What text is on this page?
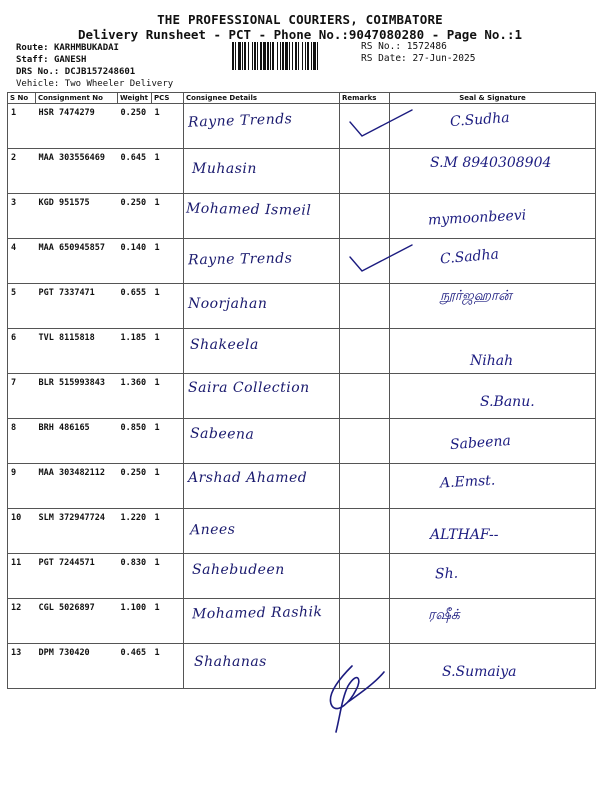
THE PROFESSIONAL COURIERS, COIMBATORE
Delivery Runsheet - PCT - Phone No.:9047080280 - Page No.:1
Route: KARHMBUKADAI
Staff: GANESH
DRS No.: DCJB157248601
Vehicle: Two Wheeler Delivery
RS No.: 1572486
RS Date: 27-Jun-2025
S No	Consignment No	Weight	PCS	Consignee Details	Remarks	Seal & Signature
1	HSR 7474279	0.250	1	Rayne Trends		C.Sudha

2	MAA 303556469	0.645	1	Muhasin		S.M 8940308904

3	KGD 951575	0.250	1	Mohamed Ismeil		mymoonbeevi

4	MAA 650945857	0.140	1	Rayne Trends		C.Sadha

5	PGT 7337471	0.655	1	Noorjahan		நூர்ஜஹான்

6	TVL 8115818	1.185	1	Shakeela		Nihah

7	BLR 515993843	1.360	1	Saira Collection		S.Banu.

8	BRH 486165	0.850	1	Sabeena		Sabeena

9	MAA 303482112	0.250	1	Arshad Ahamed		A.Emst.

10	SLM 372947724	1.220	1	Anees		ALTHAF--

11	PGT 7244571	0.830	1	Sahebudeen		Sh.

12	CGL 5026897	1.100	1	Mohamed Rashik		ரஷீக்

13	DPM 730420	0.465	1	Shahanas		S.Sumaiya
